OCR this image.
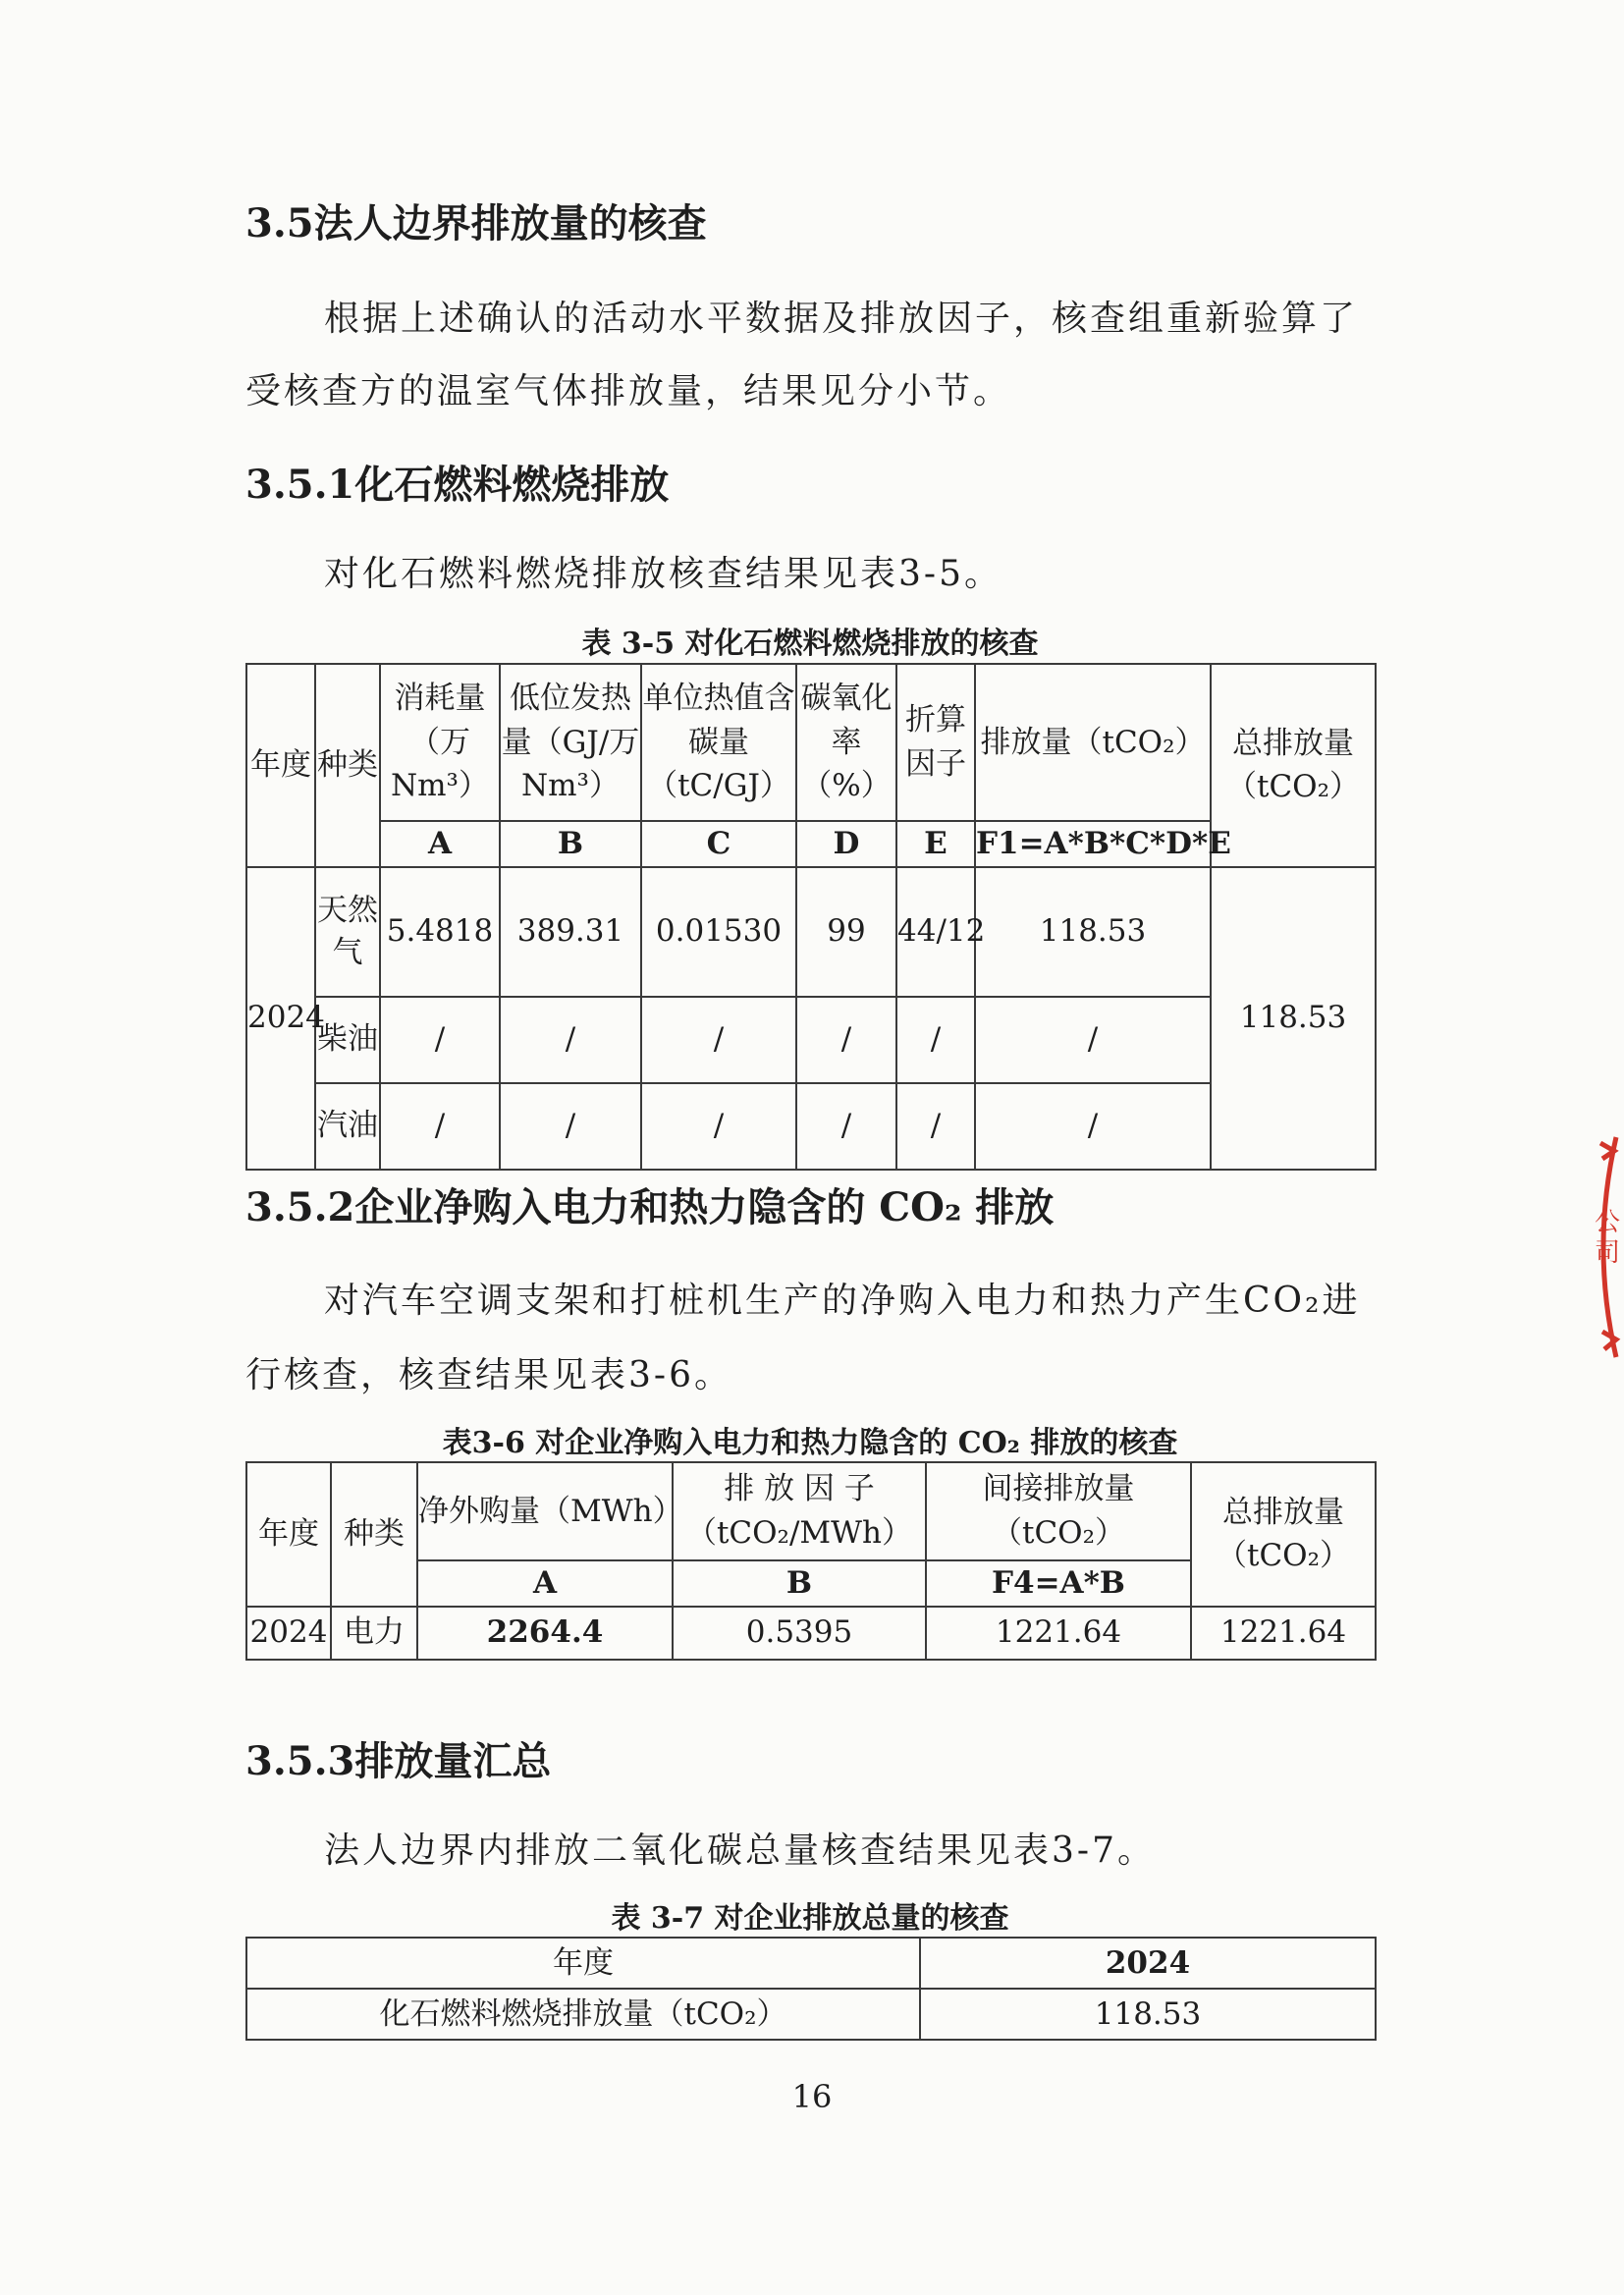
3.5法人边界排放量的核查
根据上述确认的活动水平数据及排放因子，核查组重新验算了
受核查方的温室气体排放量，结果见分小节。
3.5.1化石燃料燃烧排放
对化石燃料燃烧排放核查结果见表3-5。
表 3-5 对化石燃料燃烧排放的核查
年度	种类	消耗量（万Nm³）	低位发热量（GJ/万Nm³）	单位热值含碳量（tC/GJ）	碳氧化率（%）	折算因子	排放量（tCO₂）	总排放量（tCO₂）
		A	B	C	D	E	F1=A*B*C*D*E	
2024	天然气	5.4818	389.31	0.01530	99	44/12	118.53	118.53
	柴油	/	/	/	/	/	/	
	汽油	/	/	/	/	/	/	
3.5.2企业净购入电力和热力隐含的 CO₂ 排放
对汽车空调支架和打桩机生产的净购入电力和热力产生CO₂进
行核查，核查结果见表3-6。
表3-6 对企业净购入电力和热力隐含的 CO₂ 排放的核查
年度	种类	净外购量（MWh）	排 放 因 子（tCO₂/MWh）	间接排放量（tCO₂）	总排放量（tCO₂）
		A	B	F4=A*B	
2024	电力	2264.4	0.5395	1221.64	1221.64
3.5.3排放量汇总
法人边界内排放二氧化碳总量核查结果见表3-7。
表 3-7 对企业排放总量的核查
年度	2024
化石燃料燃烧排放量（tCO₂）	118.53
16
公司
